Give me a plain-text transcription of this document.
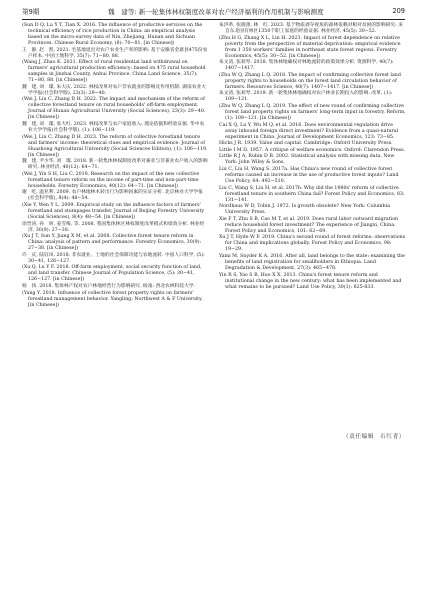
第9期	魏　建等: 新一轮集体林权制度改革对农户经济福利的作用机制与影响测度	209

(Sun D Q, Lu Y T, Tian X. 2016. The influence of productive services on the technical efficiency of rice production in China: an empirical analysis based on the micro-survey data of Nin, Zhejiang, Hunan and Sichuan Provinces. Chinese Rural Economy, (8): 70−81. [in Chinese])

王　静, 赵　凯. 2021. 宅基地退出对农户农业生产率的影响: 基于安徽省金寨县475份农户样本. 中国土地科学, 35(7): 71−80, 88.

(Wang J, Zhao K. 2021. Effect of rural residential land withdrawal on farmers' agricultural production efficiency: based on 475 rural household samples in Jinzhai County, Anhui Province. China Land Science, 35(7): 71−80, 88. [in Chinese])

魏　建, 刘　璨, 朱大庆. 2022. 林权改革对农户非农就业的影响及作用机制. 湖南农业大学学报(社会科学版), 23(3): 29−40.

(Wei J, Liu C, Zhang D H. 2022. The impact and mechanism of the reform of collective forestland tenure on rural households' off-farm employment. Journal of Hunan Agricultural University (Social Sciences), 23(3): 29−40. [in Chinese])

魏　建, 刘　璨, 张大红. 2023. 林权改革与农户家庭收入: 理论依据和经验证据. 华中农业大学学报(社会科学版), (1): 106−119.

(Wei J, Liu C, Zhang D H. 2023. The reform of collective forestland tenure and farmers' income: theoretical clues and empirical evidence. Journal of Huazhong Agricultural University (Social Sciences Edition), (1): 106−119. [in Chinese])

魏　建, 尹少华, 刘　璨. 2018. 新一轮集体林权制度改革对兼业与非兼业农户收入的影响研究. 林业经济, 40(12): 64−71.

(Wei J, Yin S H, Liu C. 2018. Research on the impact of the new collective forestland tenure reform on the income of part-time and non-part-time households. Forestry Economics, 40(12): 64−71. [in Chinese])

谢　屹, 温亚利. 2009. 农户林地林木转出行为影响因素的实证分析. 北京林业大学学报(社会科学版), 8(4): 48−54.

(Xie Y, Wen Y L. 2009. Empirical study on the influence factors of farmers' forestland and stumpages transfer. Journal of Beijing Forestry University (Social Sciences), 8(4): 48−54. [in Chinese])

徐晋涛, 孙　妍, 姜雪梅, 等. 2008. 我国集体林区林权制度改革模式和绩效分析. 林业经济, 30(9): 27−38.

(Xu J T, Sun Y, Jiang X M, et al. 2008. Collective forest tenure reform in China: analysis of pattern and performance. Forestry Economics, 30(9): 27−38. [in Chinese])

许　庆, 陆钰凤. 2018. 非农就业、土地的社会保障功能与农地流转. 中国人口科学, (5): 30−41, 126−127.

(Xu Q, Lu Y F. 2018. Off-farm employment, social security function of land, and land transfer. Chinese Journal of Population Science, (5): 30−41, 126−127. [in Chinese])

杨　扬. 2018. 集体林产权对农户林地经营行为影响研究. 杨凌: 西北农林科技大学.

(Yang Y. 2018. Influence of collective forest property rights on farmers' forestland management behavior. Yangling: Northwest A & F University. [in Chinese])

朱洪革, 张晓蕾, 林　红. 2023. 基于物质剥夺视角的森林依赖对相对贫困的影响研究: 来自东北国有林区1350个职工家庭的经验证据. 林业经济, 45(5): 30−52.

(Zhu H G, Zhang X L, Lin H. 2023. Impact of forest dependence on relative poverty from the perspective of material deprivation: empirical evidence from 1 350 workers' families in northeast state forest regions. Forestry Economics, 45(5): 30−52. [in Chinese])

朱文清, 张莉琴. 2018. 集体林地确权对林地流转的政策效果分析. 资源科学, 40(7): 1407−1417.

(Zhu W Q, Zhang L Q. 2018. The impact of confirming collective forest land property rights to households on the forest land circulation behavior of farmers. Resources Science, 40(7): 1407−1417. [in Chinese])

朱文清, 张莉琴. 2019. 新一轮集体林地确权对农户林业长期投入的影响. 改革, (1): 109−121.

(Zhu W Q, Zhang L Q. 2019. The effect of new round of confirming collective forest land property rights on farmers' long-term input in forestry. Reform, (1): 109−121. [in Chinese])

Cai X Q, Lu Y, Wu M Q, et al. 2016. Does environmental regulation drive away inbound foreign direct investment? Evidence from a quasi-natural experiment in China. Journal of Development Economics, 123: 73−85.

Hicks J R. 1939. Value and capital. Cambridge: Oxford University Press.

Little I M D. 1957. A critique of welfare economics. Oxford: Clarendon Press.

Little R J A, Rubin D B. 2002. Statistical analysis with missing data. New York: John Wiley & Sons.

Liu C, Liu H, Wang S. 2017a. Has China's new round of collective forest reforms caused an increase in the use of productive forest inputs? Land Use Policy, 64: 492−510.

Liu C, Wang S, Liu H, et al. 2017b. Why did the 1980s' reform of collective forestland tenure in southern China fail? Forest Policy and Economics, 83: 131−141.

Nordhaus W D, Tobin J. 1972. Is growth obsolete? New York: Columbia University Press.

Xie F T, Zhu S B, Cao M T, et al. 2019. Does rural labor outward migration reduce household forest investment? The experience of Jiangxi, China. Forest Policy and Economics, 101: 62−69.

Xu J T, Hyde W F. 2019. China's second round of forest reforms: observations for China and implications globally. Forest Policy and Economics, 98: 19−29.

Yami M, Snyder K A. 2016. After all, land belongs to the state: examining the benefits of land registration for smallholders in Ethiopia. Land Degradation & Development, 27(3): 465−478.

Yin R S, Yao S B, Huo X X. 2013. China's forest tenure reform and institutional change in the new century: what has been implemented and what remains to be pursued? Land Use Policy, 30(1): 825-833.

（责任编辑　石红青）
